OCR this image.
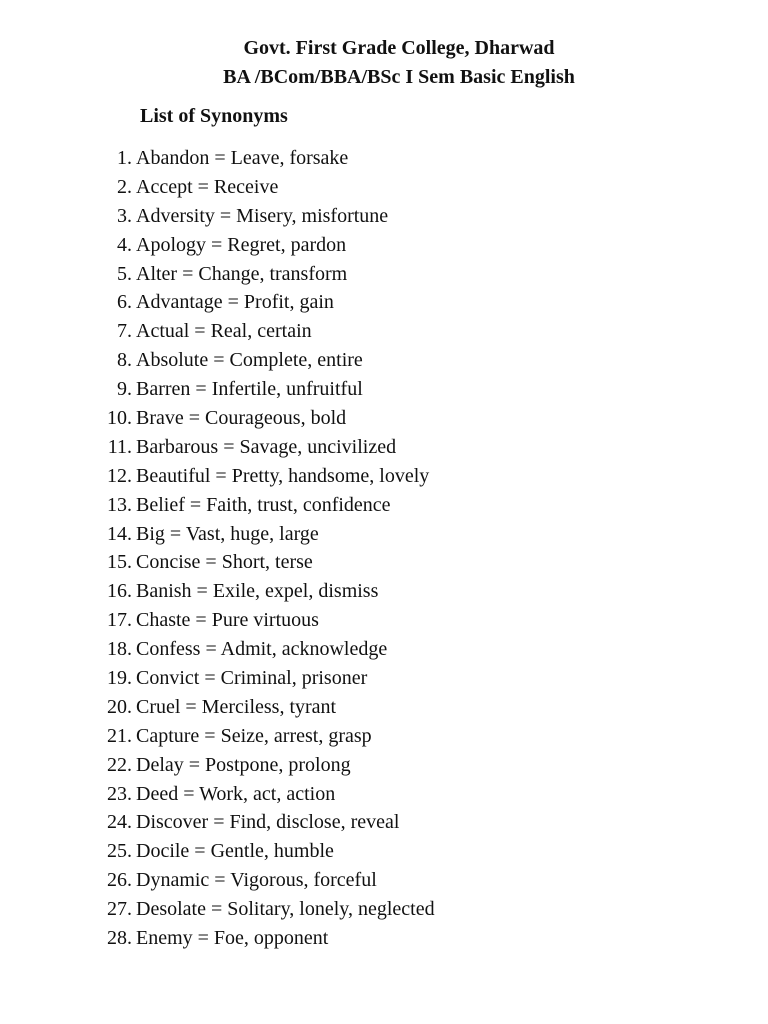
Govt. First Grade College, Dharwad
BA /BCom/BBA/BSc I Sem Basic English
List of Synonyms
1. Abandon = Leave, forsake
2. Accept = Receive
3. Adversity = Misery, misfortune
4. Apology = Regret, pardon
5. Alter = Change, transform
6. Advantage = Profit, gain
7. Actual = Real, certain
8. Absolute = Complete, entire
9. Barren = Infertile, unfruitful
10. Brave = Courageous, bold
11. Barbarous = Savage, uncivilized
12. Beautiful = Pretty, handsome, lovely
13. Belief = Faith, trust, confidence
14. Big = Vast, huge, large
15. Concise = Short, terse
16. Banish = Exile, expel, dismiss
17. Chaste = Pure virtuous
18. Confess = Admit, acknowledge
19. Convict = Criminal, prisoner
20. Cruel = Merciless, tyrant
21. Capture = Seize, arrest, grasp
22. Delay = Postpone, prolong
23. Deed = Work, act, action
24. Discover = Find, disclose, reveal
25. Docile = Gentle, humble
26. Dynamic = Vigorous, forceful
27. Desolate = Solitary, lonely, neglected
28. Enemy = Foe, opponent
